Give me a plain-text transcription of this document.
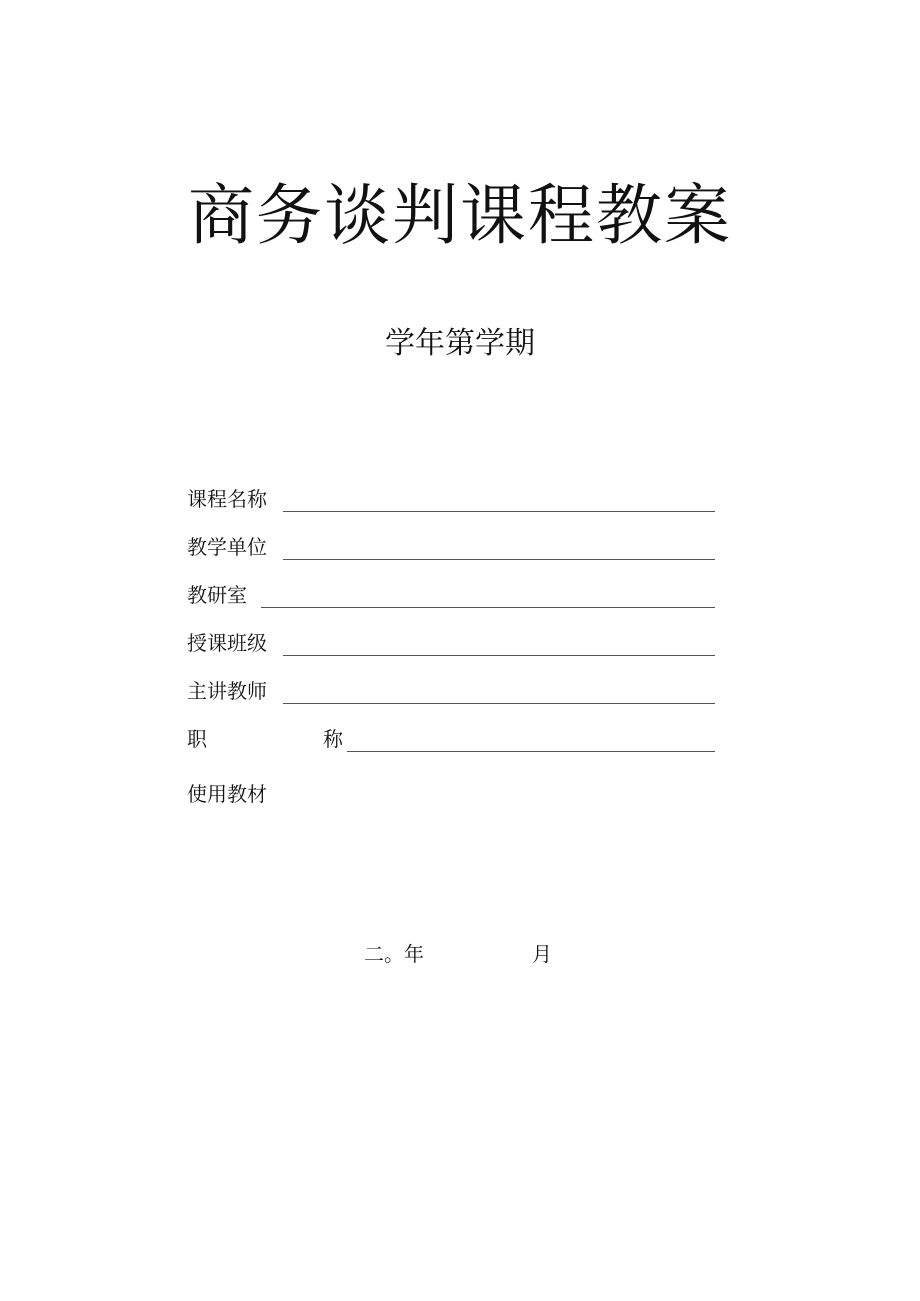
商务谈判课程教案
学年第学期
课程名称
教学单位
教研室
授课班级
主讲教师
职	称
使用教材
二。年	月
